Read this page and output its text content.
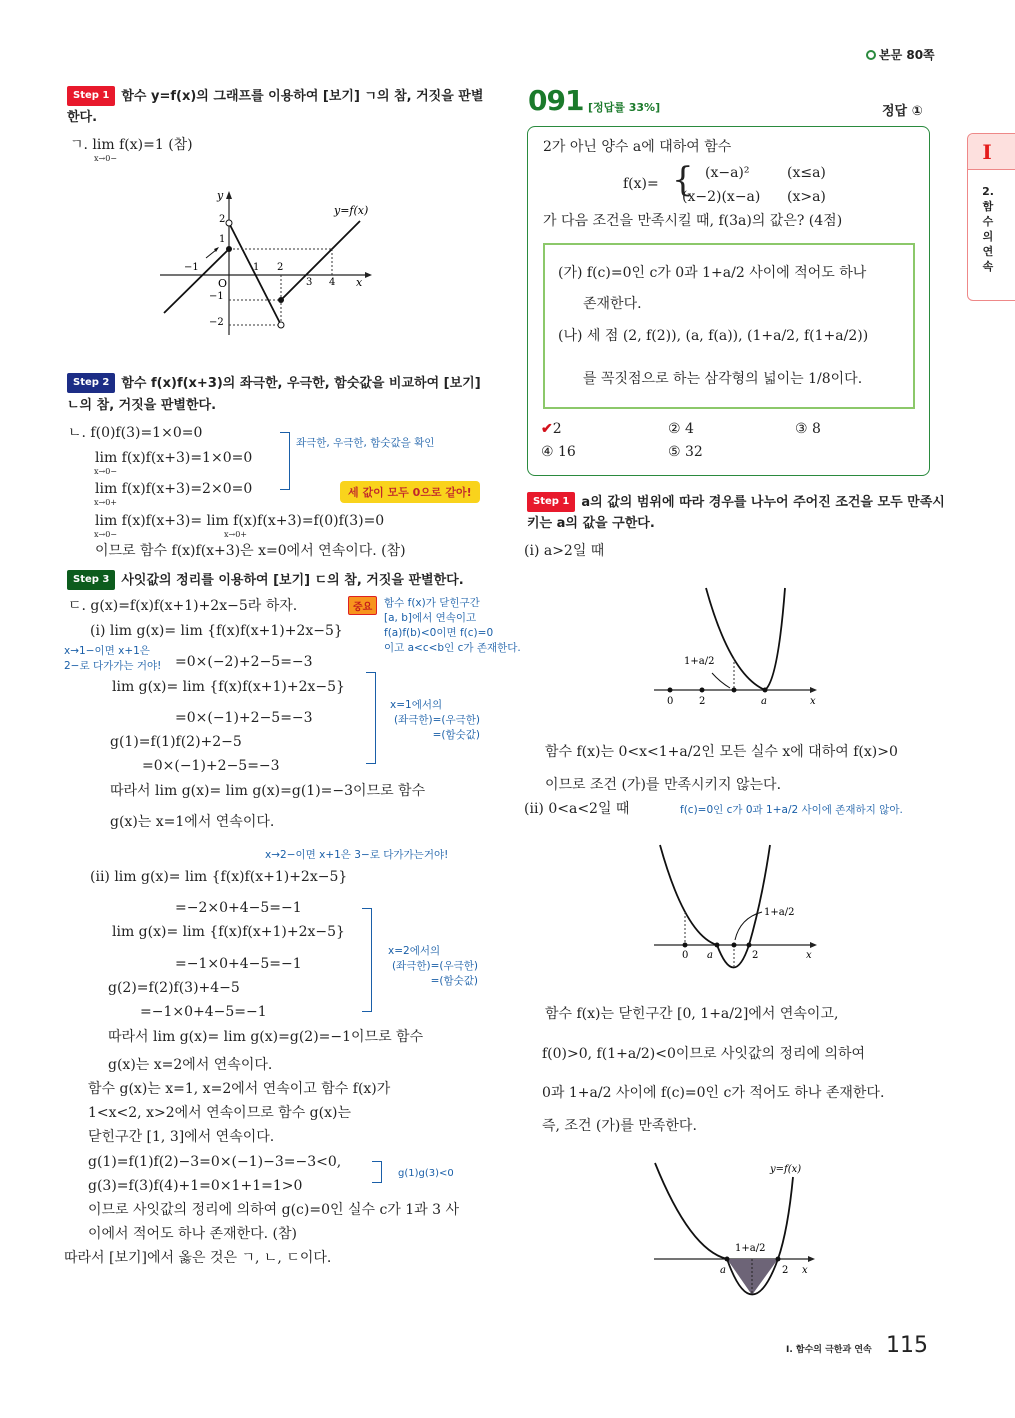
본문 80쪽
I
2.함수의연속
Step 1 함수 y=f(x)의 그래프를 이용하여 [보기] ㄱ의 참, 거짓을 판별
한다.
ㄱ. lim f(x)=1 (참)
x→0−
y
x
O
y=f(x)
−1	1 2
3 4
2
1
−1
−2
Step 2 함수 f(x)f(x+3)의 좌극한, 우극한, 함숫값을 비교하여 [보기]
ㄴ의 참, 거짓을 판별한다.
ㄴ. f(0)f(3)=1×0=0
lim f(x)f(x+3)=1×0=0
x→0−
lim f(x)f(x+3)=2×0=0
x→0+
lim f(x)f(x+3)= lim f(x)f(x+3)=f(0)f(3)=0
x→0−	x→0+
이므로 함수 f(x)f(x+3)은 x=0에서 연속이다. (참)
좌극한, 우극한, 함숫값을 확인
세 값이 모두 0으로 같아!
Step 3 사잇값의 정리를 이용하여 [보기] ㄷ의 참, 거짓을 판별한다.
중요	함수 f(x)가 닫힌구간
[a, b]에서 연속이고
f(a)f(b)<0이면 f(c)=0
이고 a<c<b인 c가 존재한다.
ㄷ. g(x)=f(x)f(x+1)+2x−5라 하자.
(i) lim g(x)= lim {f(x)f(x+1)+2x−5}
=0×(−2)+2−5=−3
x→1−이면 x+1은
2−로 다가가는 거야!
lim g(x)= lim {f(x)f(x+1)+2x−5}
=0×(−1)+2−5=−3
g(1)=f(1)f(2)+2−5
=0×(−1)+2−5=−3
따라서 lim g(x)= lim g(x)=g(1)=−3이므로 함수
g(x)는 x=1에서 연속이다.
x=1에서의
(좌극한)=(우극한)
=(함숫값)
x→2−이면 x+1은 3−로 다가가는거야!
(ii) lim g(x)= lim {f(x)f(x+1)+2x−5}
=−2×0+4−5=−1
lim g(x)= lim {f(x)f(x+1)+2x−5}
=−1×0+4−5=−1
g(2)=f(2)f(3)+4−5
=−1×0+4−5=−1
따라서 lim g(x)= lim g(x)=g(2)=−1이므로 함수
g(x)는 x=2에서 연속이다.
x=2에서의
(좌극한)=(우극한)
=(함숫값)
함수 g(x)는 x=1, x=2에서 연속이고 함수 f(x)가
1<x<2, x>2에서 연속이므로 함수 g(x)는
닫힌구간 [1, 3]에서 연속이다.
g(1)=f(1)f(2)−3=0×(−1)−3=−3<0,
g(3)=f(3)f(4)+1=0×1+1=1>0
이므로 사잇값의 정리에 의하여 g(c)=0인 실수 c가 1과 3 사
이에서 적어도 하나 존재한다. (참)
따라서 [보기]에서 옳은 것은 ㄱ, ㄴ, ㄷ이다.
g(1)g(3)<0
091 [정답률 33%]	정답 ①
2가 아닌 양수 a에 대하여 함수
f(x)= { (x−a)²	(x≤a)
(x−2)(x−a) (x>a)
가 다음 조건을 만족시킬 때, f(3a)의 값은? (4점)
(가) f(c)=0인 c가 0과 1+a/2 사이에 적어도 하나
존재한다.
(나) 세 점 (2, f(2)), (a, f(a)), (1+a/2, f(1+a/2))
를 꼭짓점으로 하는 삼각형의 넓이는 1/8이다.
✔2	② 4	③ 8
④ 16	⑤ 32
Step 1 a의 값의 범위에 따라 경우를 나누어 주어진 조건을 모두 만족시
키는 a의 값을 구한다.
(i) a>2일 때
0	2	a	x
1+a/2
함수 f(x)는 0<x<1+a/2인 모든 실수 x에 대하여 f(x)>0
이므로 조건 (가)를 만족시키지 않는다.
f(c)=0인 c가 0과 1+a/2 사이에 존재하지 않아.
(ii) 0<a<2일 때
0 a	2	x
1+a/2
함수 f(x)는 닫힌구간 [0, 1+a/2]에서 연속이고,
f(0)>0, f(1+a/2)<0이므로 사잇값의 정리에 의하여
0과 1+a/2 사이에 f(c)=0인 c가 적어도 하나 존재한다.
즉, 조건 (가)를 만족한다.
a	2 x
1+a/2
y=f(x)
I. 함수의 극한과 연속 115
